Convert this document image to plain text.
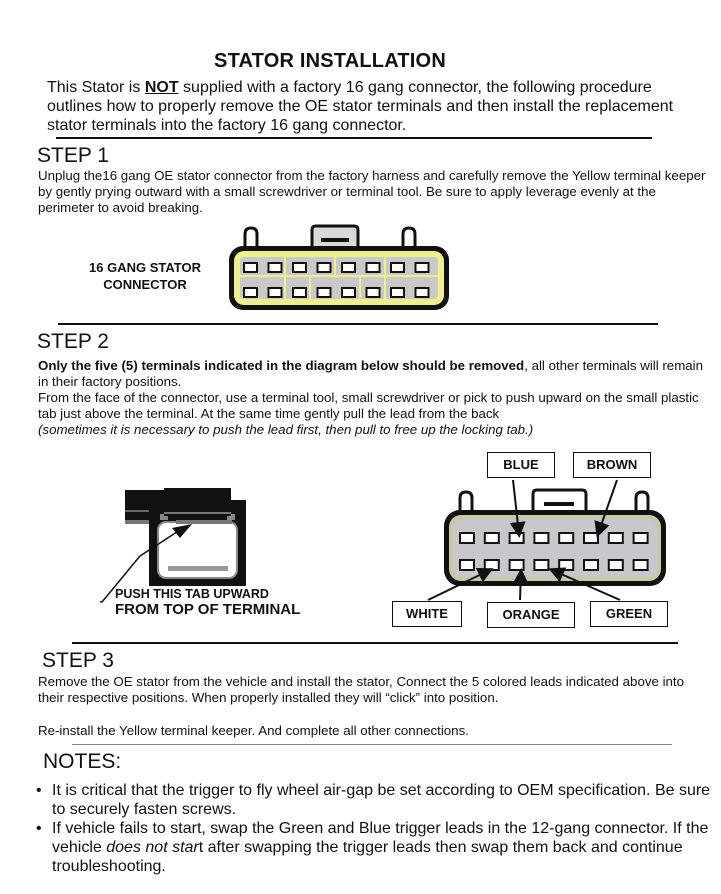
STATOR INSTALLATION
This Stator is NOT supplied with a factory 16 gang connector, the following procedure outlines how to properly remove the OE stator terminals and then install the replacement stator terminals into the factory 16 gang connector.
STEP 1
Unplug the16 gang OE stator connector from the factory harness and carefully remove the Yellow terminal keeper by gently prying outward with a small screwdriver or terminal tool. Be sure to apply leverage evenly at the perimeter to avoid breaking.
16 GANG STATOR
CONNECTOR
STEP 2
Only the five (5) terminals indicated in the diagram below should be removed, all other terminals will remain in their factory positions.
From the face of the connector, use a terminal tool, small screwdriver or pick to push upward on the small plastic tab just above the terminal. At the same time gently pull the lead from the back
(sometimes it is necessary to push the lead first, then pull to free up the locking tab.)
PUSH THIS TAB UPWARD
FROM TOP OF TERMINAL
BLUE	BROWN
WHITE	ORANGE	GREEN
STEP 3
Remove the OE stator from the vehicle and install the stator, Connect the 5 colored leads indicated above into their respective positions. When properly installed they will “click” into position.
Re-install the Yellow terminal keeper. And complete all other connections.
NOTES:
• It is critical that the trigger to fly wheel air-gap be set according to OEM specification. Be sure to securely fasten screws.
• If vehicle fails to start, swap the Green and Blue trigger leads in the 12-gang connector. If the vehicle does not start after swapping the trigger leads then swap them back and continue troubleshooting.
